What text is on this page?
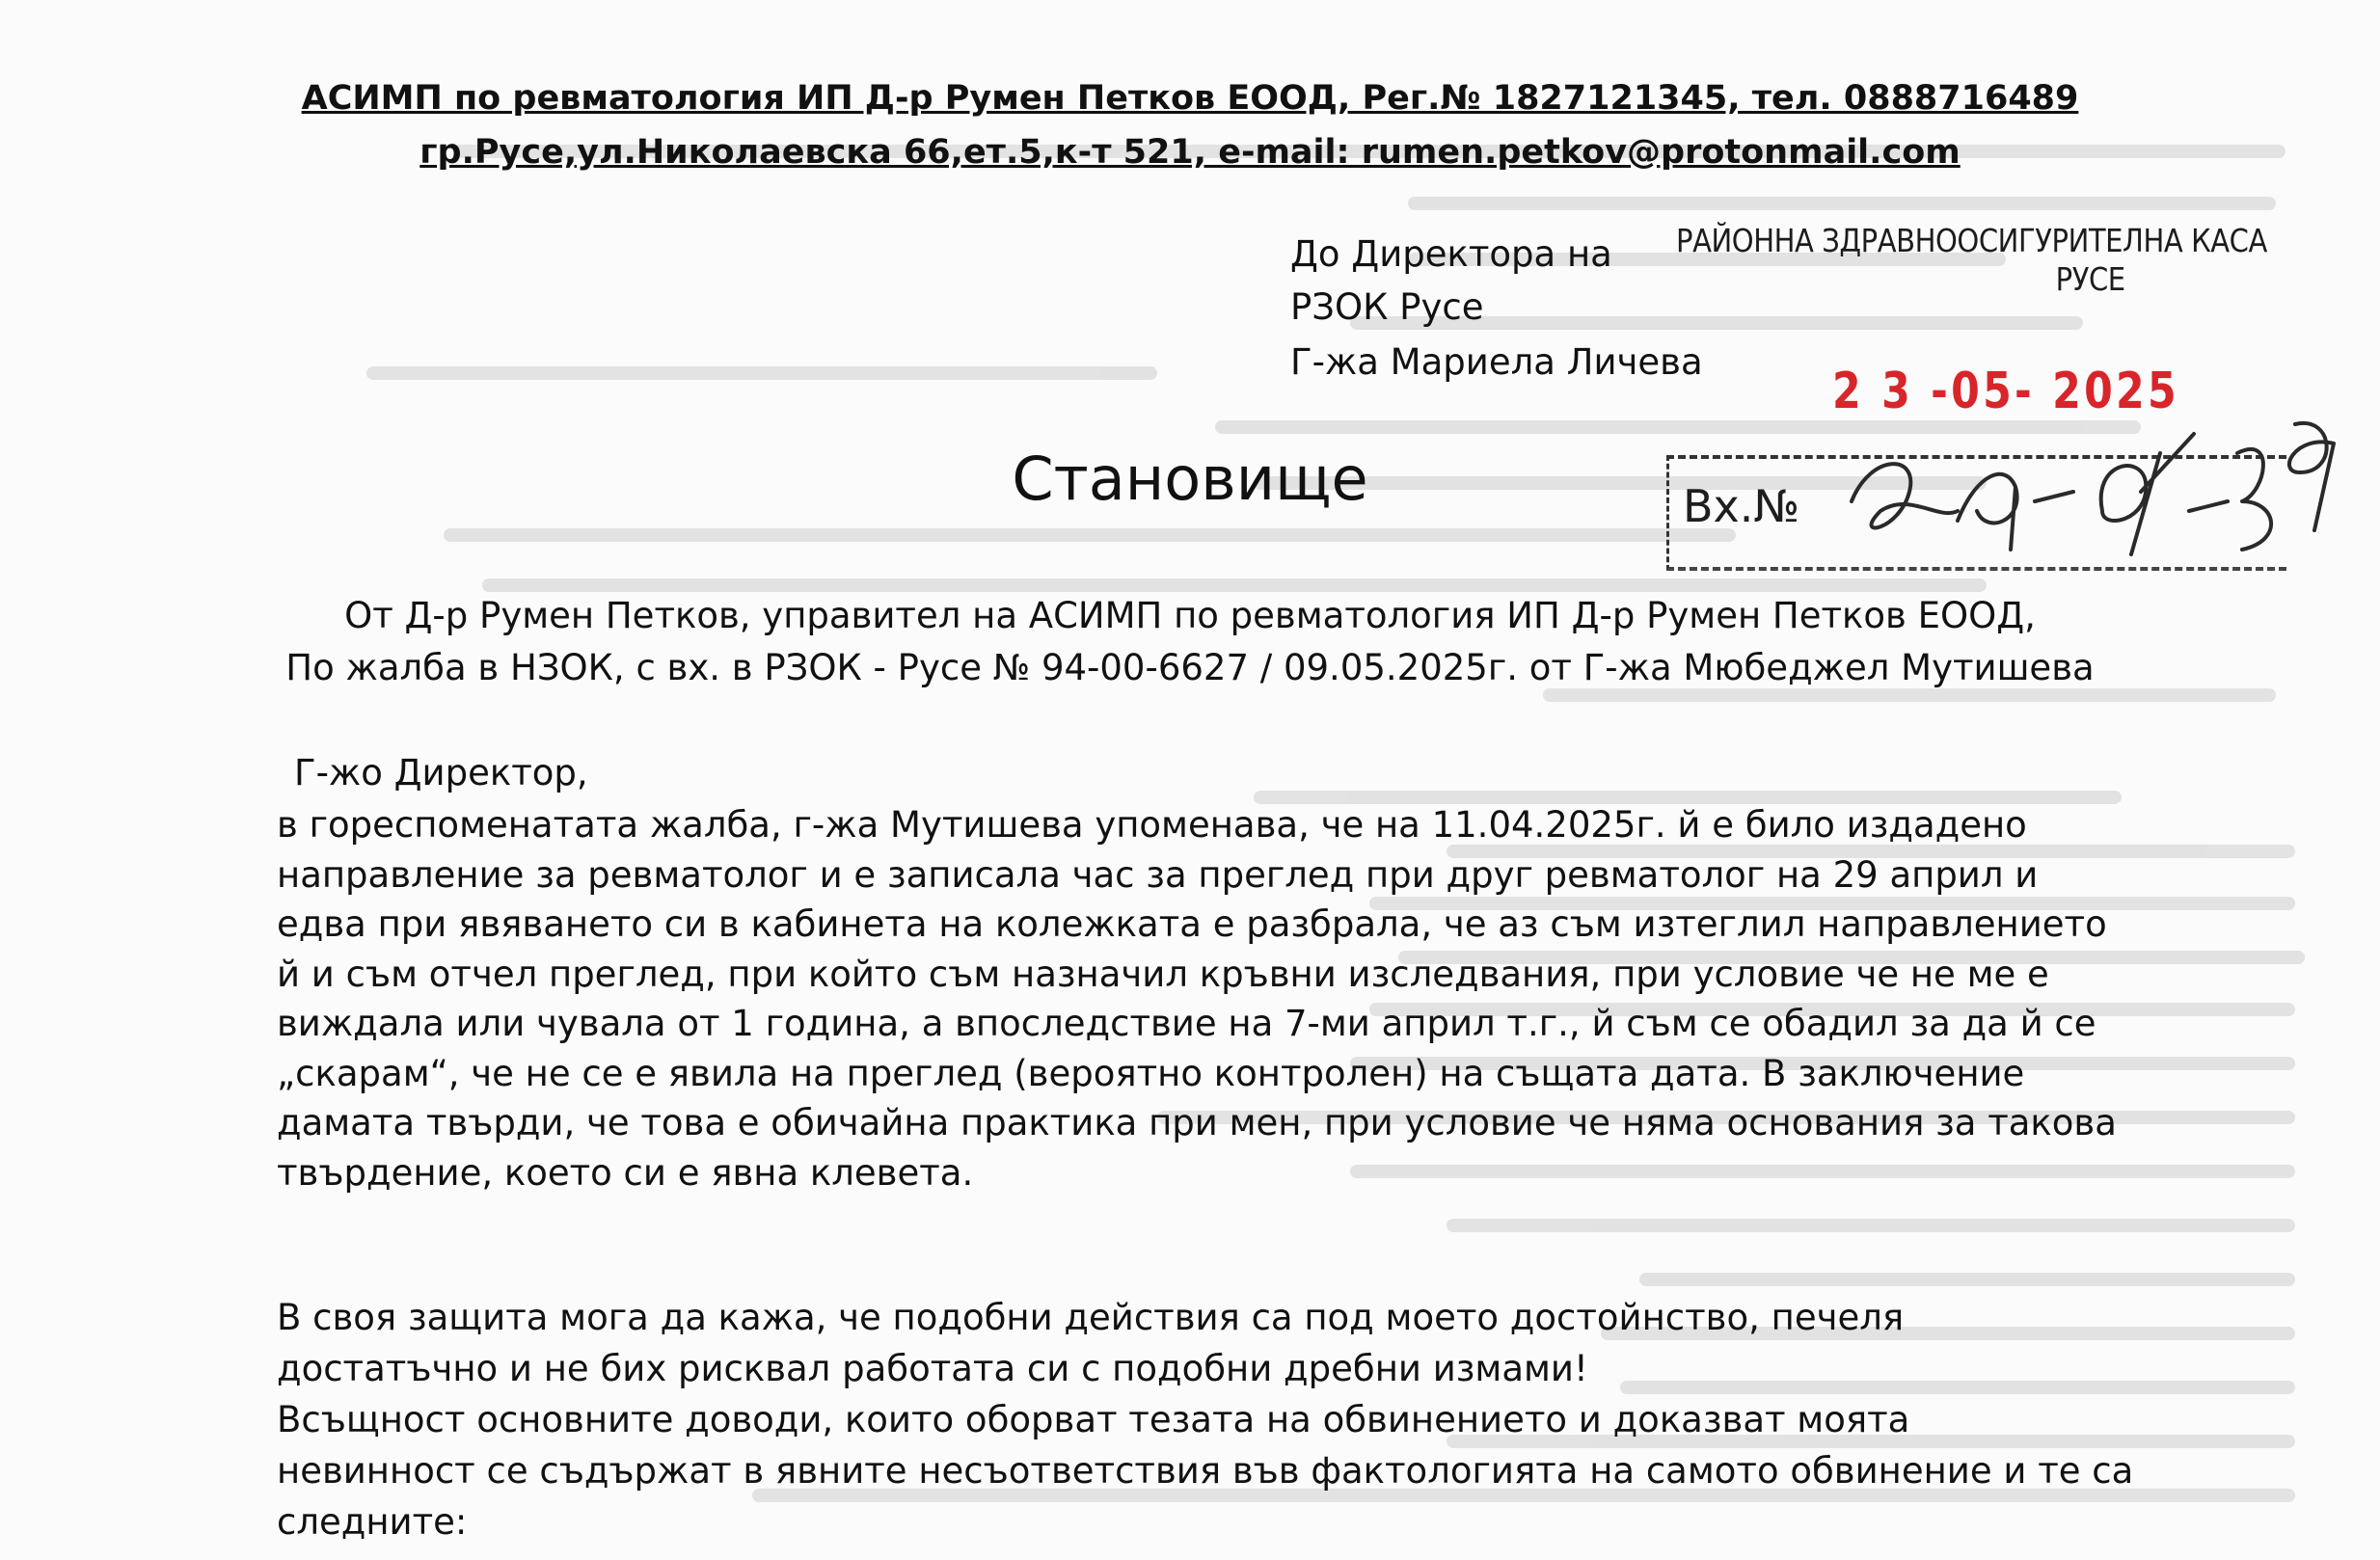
АСИМП по ревматология ИП Д-р Румен Петков ЕООД, Рег.№ 1827121345, тел. 0888716489
гр.Русе,ул.Николаевска 66,ет.5,к-т 521, e-mail: rumen.petkov@protonmail.com
До Директора на
РЗОК Русе
Г-жа Мариела Личева
РАЙОННА ЗДРАВНООСИГУРИТЕЛНА КАСА
РУСЕ
2 3 -05- 2025
Вх.№
Становище
От Д-р Румен Петков, управител на АСИМП по ревматология ИП Д-р Румен Петков ЕООД,
По жалба в НЗОК, с вх. в РЗОК - Русе № 94-00-6627 / 09.05.2025г. от Г-жа Мюбеджел Мутишева
Г-жо Директор,
в гореспоменатата жалба, г-жа Мутишева упоменава, че на 11.04.2025г. й е било издадено
направление за ревматолог и е записала час за преглед при друг ревматолог на 29 април и
едва при явяването си в кабинета на колежката е разбрала, че аз съм изтеглил направлението
й и съм отчел преглед, при който съм назначил кръвни изследвания, при условие че не ме е
виждала или чувала от 1 година, а впоследствие на 7-ми април т.г., й съм се обадил за да й се
„скарам“, че не се е явила на преглед (вероятно контролен) на същата дата. В заключение
дамата твърди, че това е обичайна практика при мен, при условие че няма основания за такова
твърдение, което си е явна клевета.
В своя защита мога да кажа, че подобни действия са под моето достойнство, печеля
достатъчно и не бих рисквал работата си с подобни дребни измами!
Всъщност основните доводи, които оборват тезата на обвинението и доказват моята
невинност се съдържат в явните несъответствия във фактологията на самото обвинение и те са
следните:
